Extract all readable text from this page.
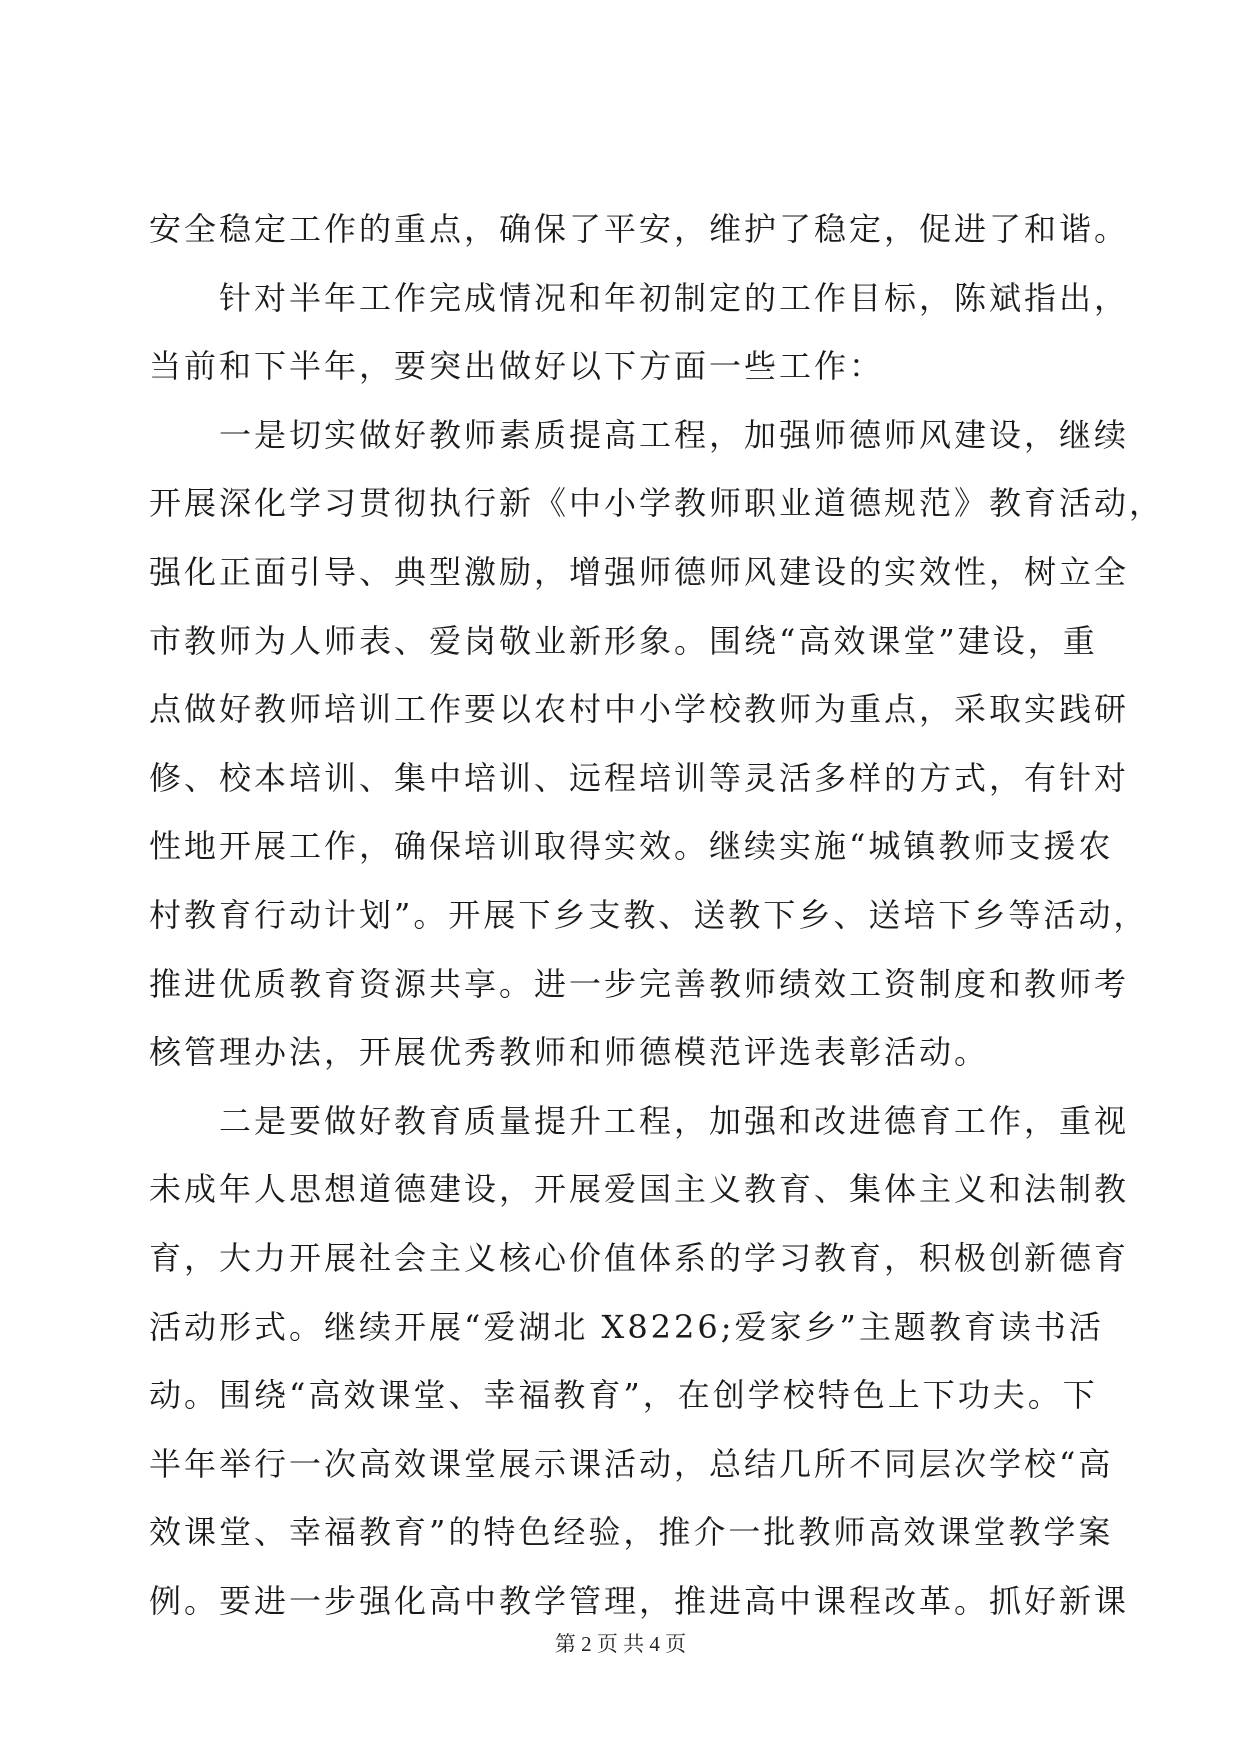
安全稳定工作的重点，确保了平安，维护了稳定，促进了和谐。
　　针对半年工作完成情况和年初制定的工作目标，陈斌指出，
当前和下半年，要突出做好以下方面一些工作：
　　一是切实做好教师素质提高工程，加强师德师风建设，继续
开展深化学习贯彻执行新《中小学教师职业道德规范》教育活动，
强化正面引导、典型激励，增强师德师风建设的实效性，树立全
市教师为人师表、爱岗敬业新形象。围绕“高效课堂”建设，重
点做好教师培训工作要以农村中小学校教师为重点，采取实践研
修、校本培训、集中培训、远程培训等灵活多样的方式，有针对
性地开展工作，确保培训取得实效。继续实施“城镇教师支援农
村教育行动计划”。开展下乡支教、送教下乡、送培下乡等活动，
推进优质教育资源共享。进一步完善教师绩效工资制度和教师考
核管理办法，开展优秀教师和师德模范评选表彰活动。
　　二是要做好教育质量提升工程，加强和改进德育工作，重视
未成年人思想道德建设，开展爱国主义教育、集体主义和法制教
育，大力开展社会主义核心价值体系的学习教育，积极创新德育
活动形式。继续开展“爱湖北 X8226;爱家乡”主题教育读书活
动。围绕“高效课堂、幸福教育”，在创学校特色上下功夫。下
半年举行一次高效课堂展示课活动，总结几所不同层次学校“高
效课堂、幸福教育”的特色经验，推介一批教师高效课堂教学案
例。要进一步强化高中教学管理，推进高中课程改革。抓好新课
第 2 页 共 4 页
